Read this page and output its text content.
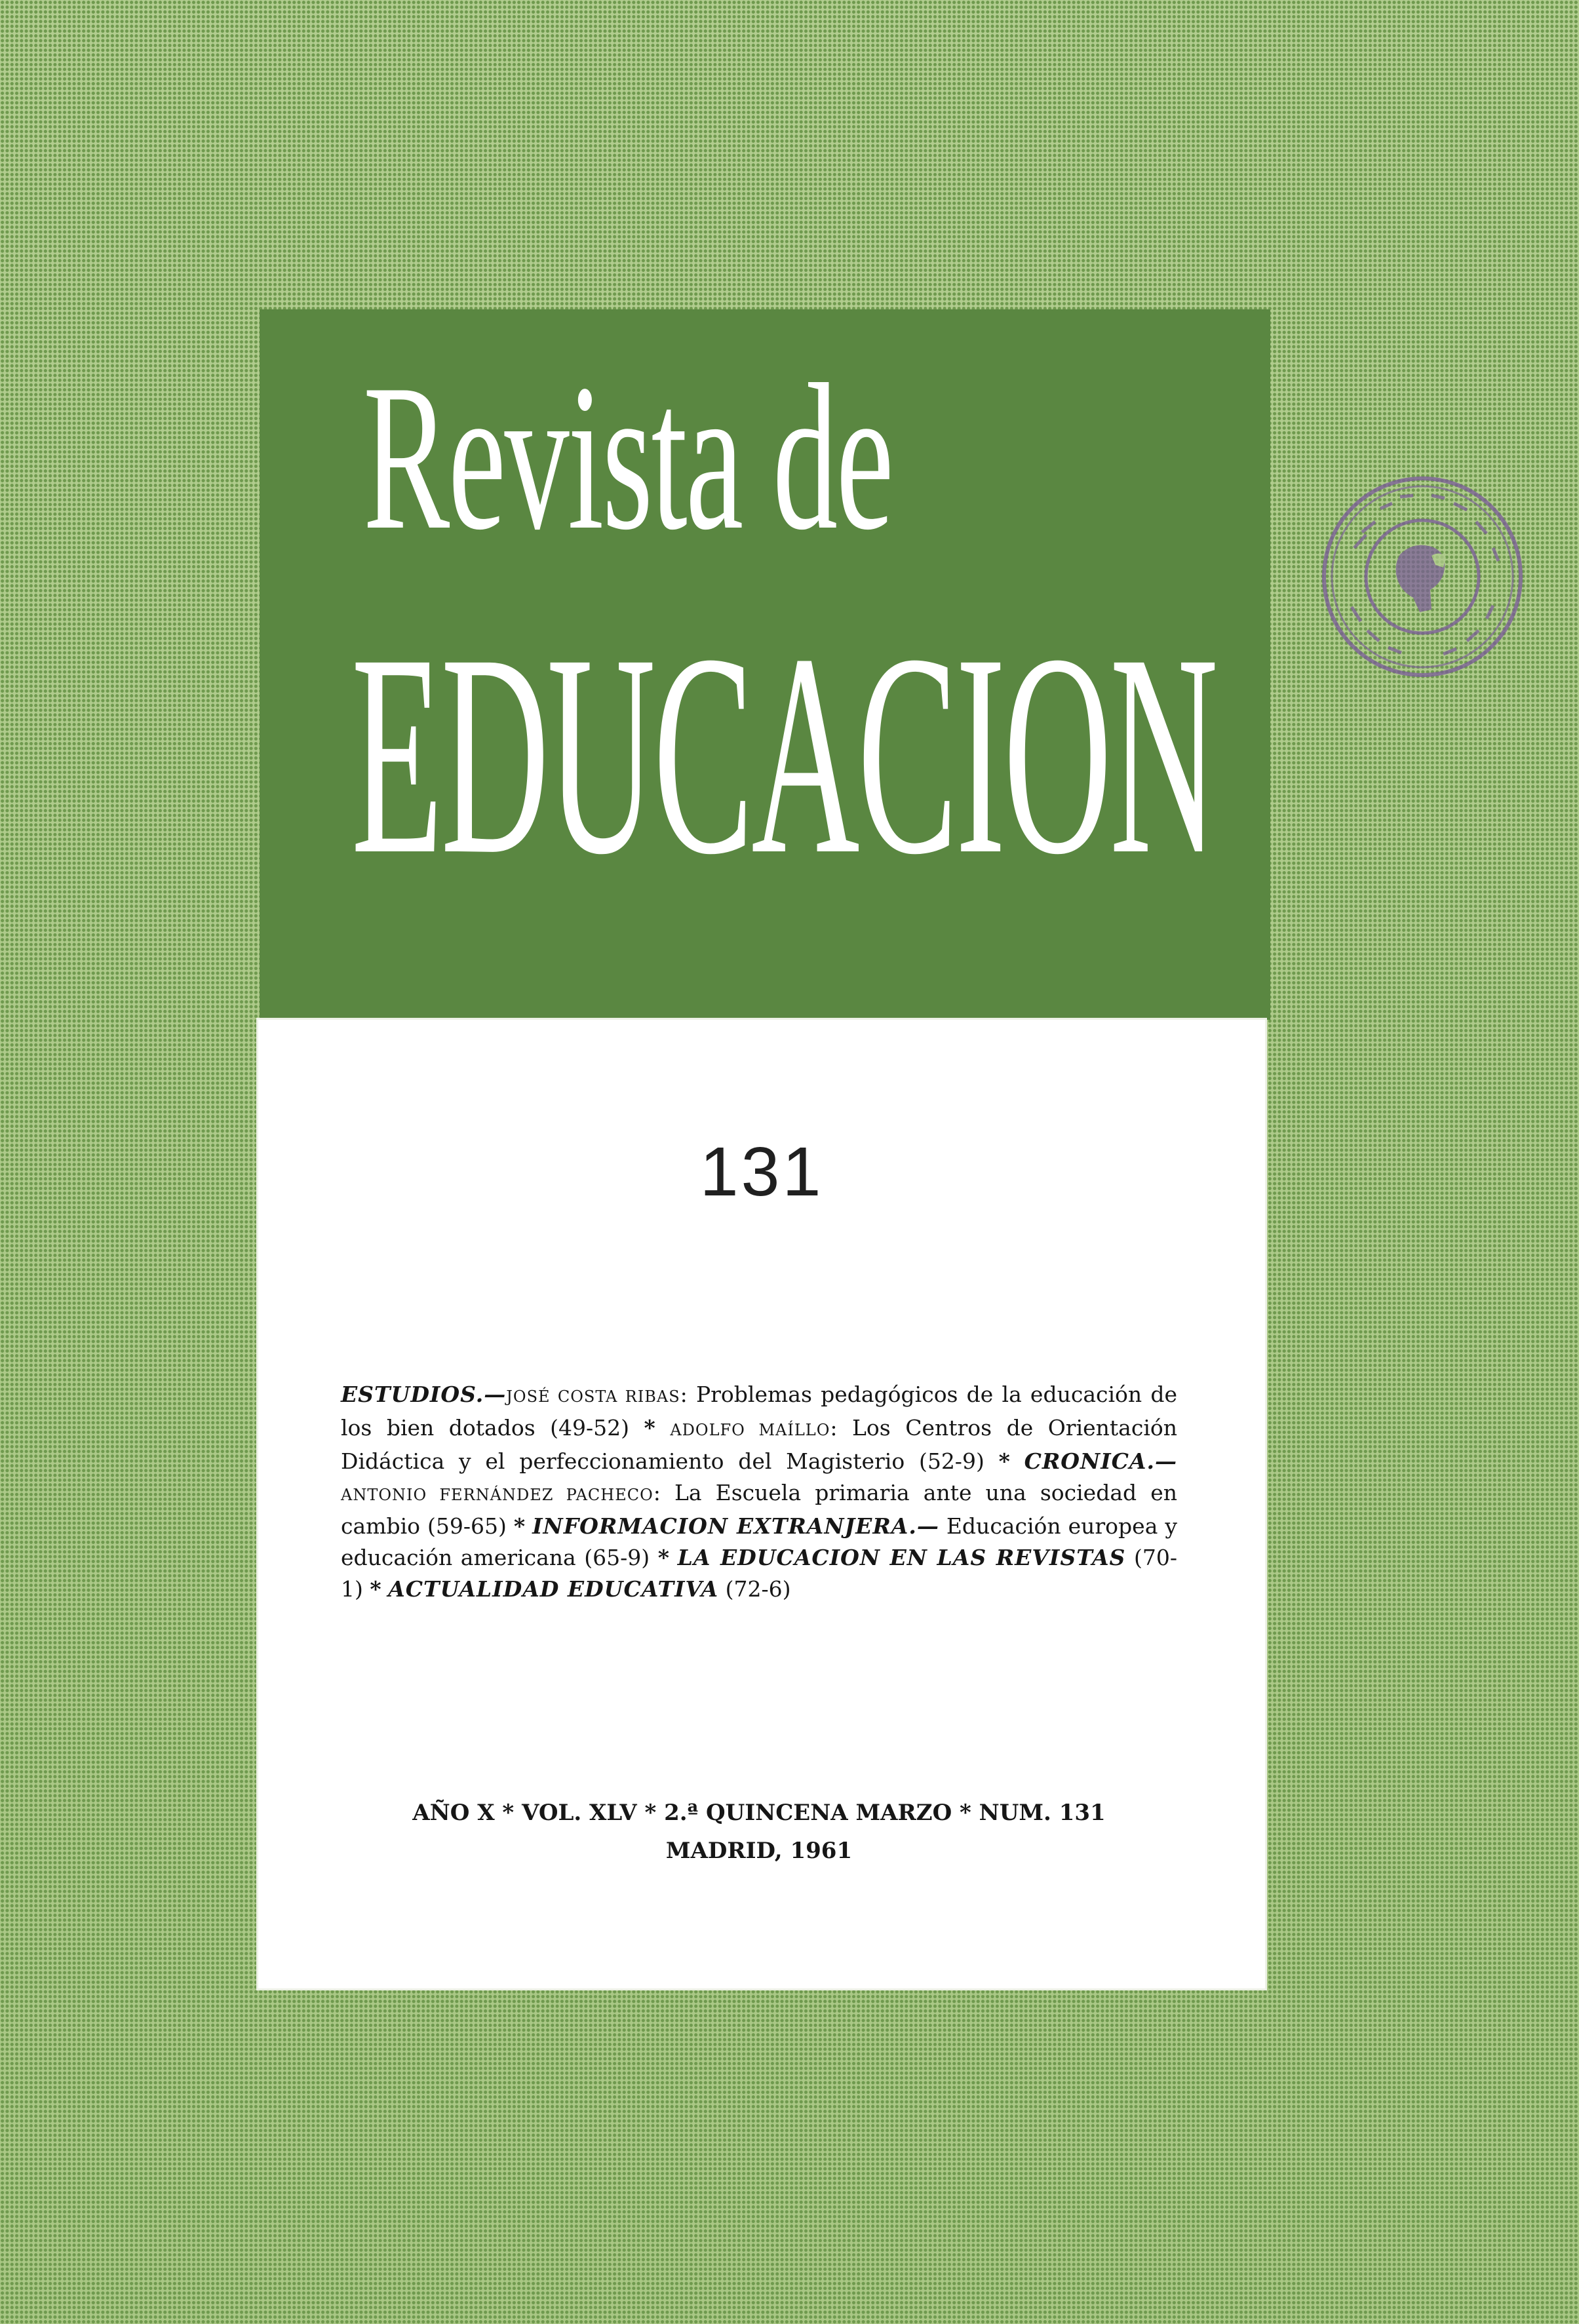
Revista de
EDUCACION
131
ESTUDIOS.—JOSÉ COSTA RIBAS: Problemas pedagógicos de la educación de los bien dotados (49-52) * ADOLFO MAÍLLO: Los Centros de Orientación Didáctica y el perfeccionamiento del Magisterio (52-9) * CRONICA.—ANTONIO FERNÁNDEZ PACHECO: La Escuela primaria ante una sociedad en cambio (59-65) * INFORMACION EXTRANJERA.— Educación europea y educación americana (65-9) * LA EDUCACION EN LAS REVISTAS (70-1) * ACTUALIDAD EDUCATIVA (72-6)
AÑO X * VOL. XLV * 2.ª QUINCENA MARZO * NUM. 131
MADRID, 1961
